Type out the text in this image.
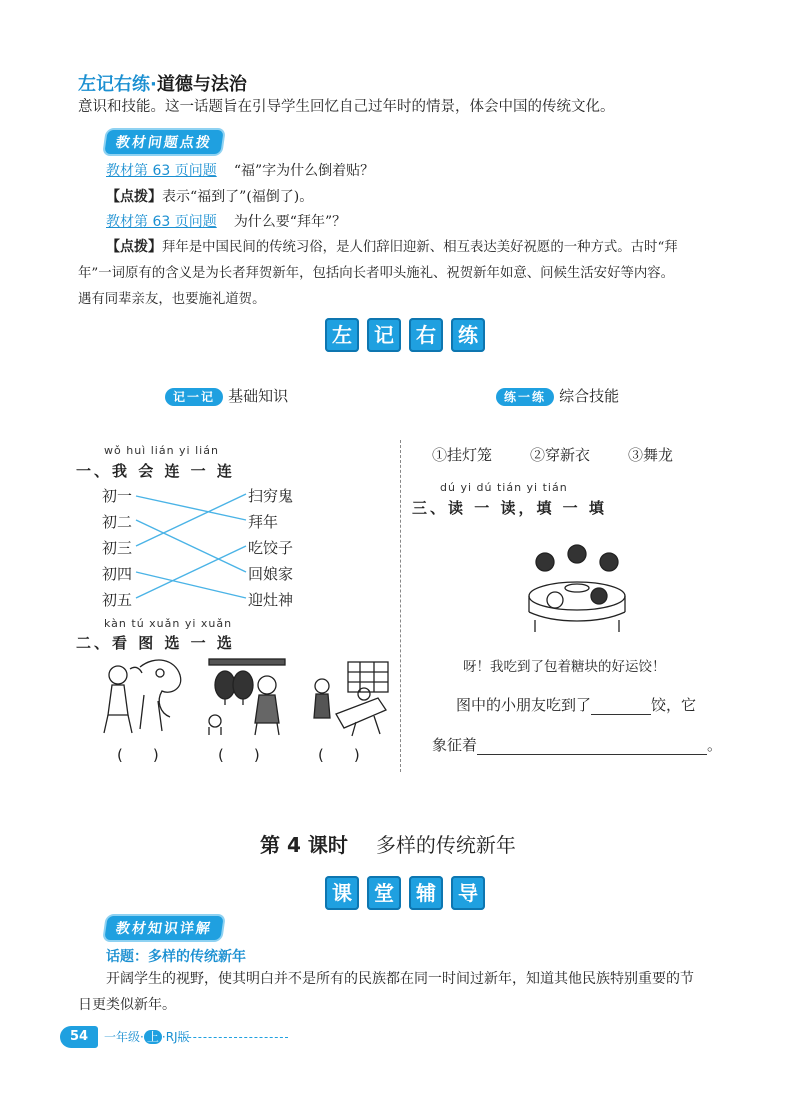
左记右练·道德与法治
意识和技能。这一话题旨在引导学生回忆自己过年时的情景，体会中国的传统文化。
教材问题点拨
教材第 63 页问题 “福”字为什么倒着贴？
【点拨】表示“福到了”(福倒了)。
教材第 63 页问题 为什么要“拜年”？
【点拨】拜年是中国民间的传统习俗，是人们辞旧迎新、相互表达美好祝愿的一种方式。古时“拜
年”一词原有的含义是为长者拜贺新年，包括向长者叩头施礼、祝贺新年如意、问候生活安好等内容。
遇有同辈亲友，也要施礼道贺。
左 记 右 练
记一记 基础知识	练一练 综合技能
wǒ huì lián yi lián
一、我 会 连 一 连
初一
初二
初三
初四
初五
扫穷鬼
拜年
吃饺子
回娘家
迎灶神
kàn tú xuǎn yi xuǎn
二、看 图 选 一 选
(　　)	(　　)	(　　)
①挂灯笼	②穿新衣	③舞龙
dú yi dú tián yi tián
三、读 一 读，填 一 填
呀！我吃到了包着糖块的好运饺！
图中的小朋友吃到了	饺，它
象征着	。
第 4 课时 多样的传统新年
课 堂 辅 导
教材知识详解
话题：多样的传统新年
开阔学生的视野，使其明白并不是所有的民族都在同一时间过新年，知道其他民族特别重要的节
日更类似新年。
54	一年级· 上 ·RJ版
